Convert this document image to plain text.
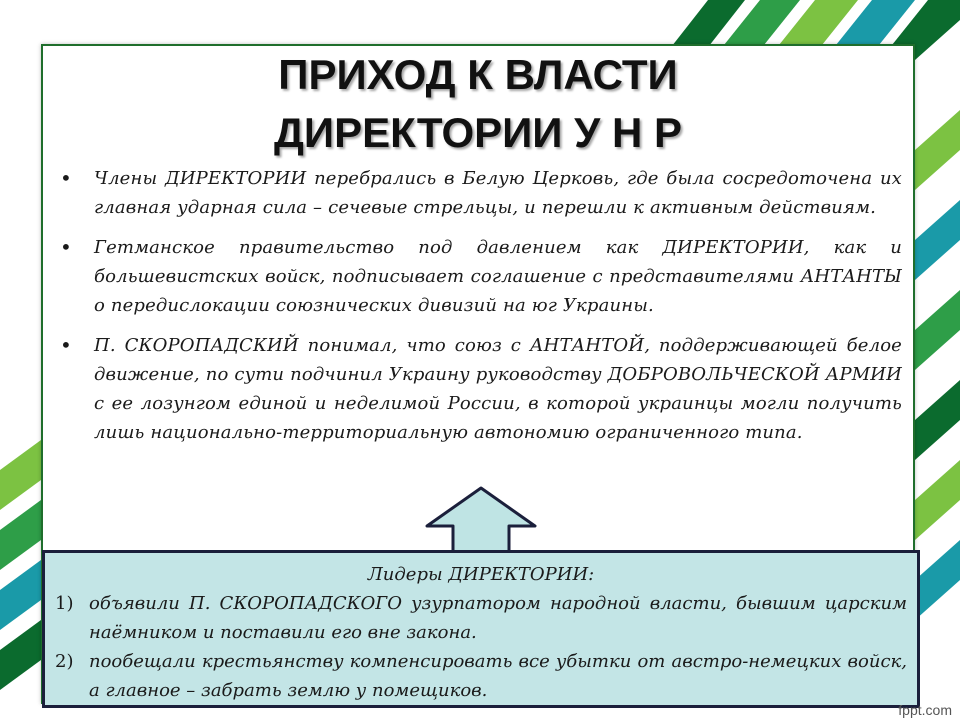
ПРИХОД К ВЛАСТИ
ДИРЕКТОРИИ У Н Р
• Члены ДИРЕКТОРИИ перебрались в Белую Церковь, где была сосредоточена их главная ударная сила – сечевые стрельцы, и перешли к активным действиям.
• Гетманское правительство под давлением как ДИРЕКТОРИИ, как и большевистских войск, подписывает соглашение с представителями АНТАНТЫ о передислокации союзнических дивизий на юг Украины.
• П. СКОРОПАДСКИЙ понимал, что союз с АНТАНТОЙ, поддерживающей белое движение, по сути подчинил Украину руководству ДОБРОВОЛЬЧЕСКОЙ АРМИИ с ее лозунгом единой и неделимой России, в которой украинцы могли получить лишь национально-территориальную автономию ограниченного типа.

Лидеры ДИРЕКТОРИИ:

1) объявили П. СКОРОПАДСКОГО узурпатором народной власти, бывшим царским наёмником и поставили его вне закона.
2) пообещали крестьянству компенсировать все убытки от австро-немецких войск, а главное – забрать землю у помещиков.
fppt.com
